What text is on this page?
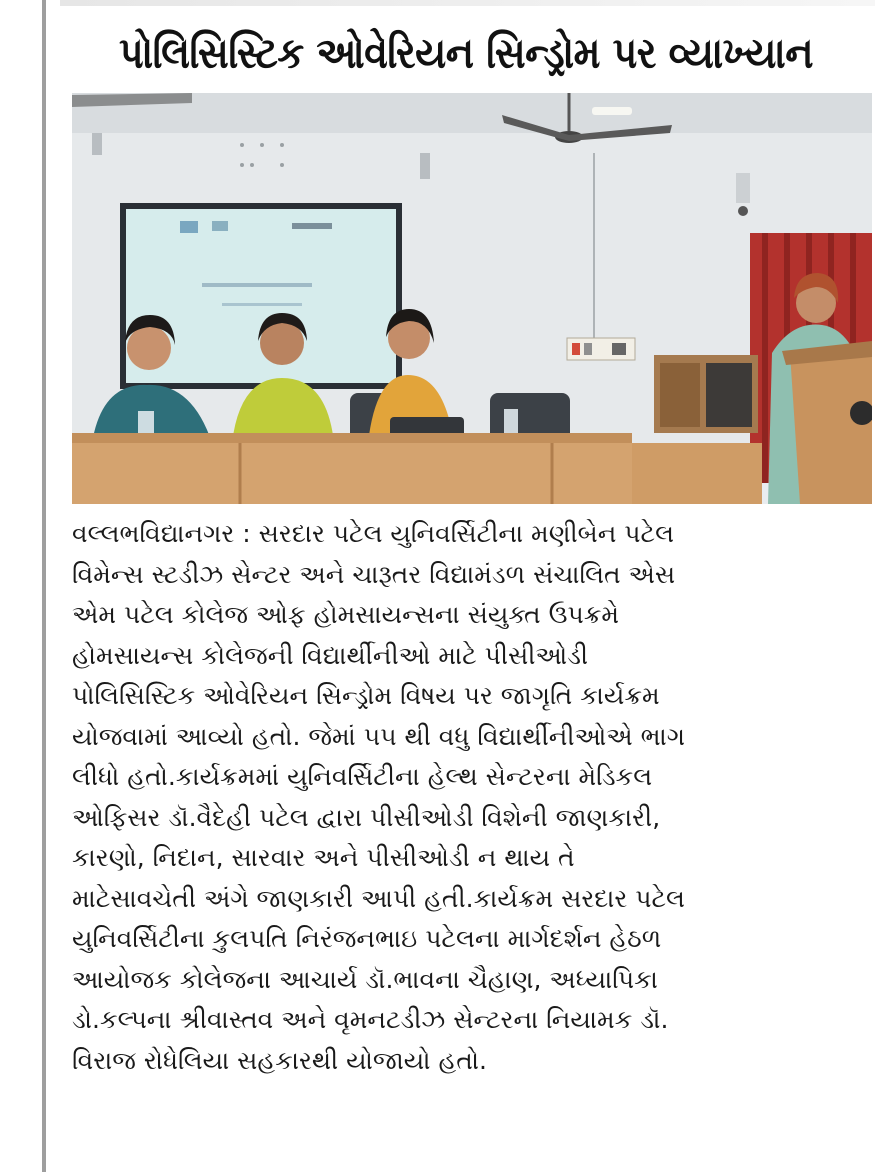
પોલિસિસ્ટિક ઓવેરિયન સિન્ડ્રોમ પર વ્યાખ્યાન
વલ્લભવિદ્યાનગર : સરદાર પટેલ યુનિવર્સિટીના મણીબેન પટેલ
વિમેન્સ સ્ટડીઝ સેન્ટર અને ચારૂતર વિદ્યામંડળ સંચાલિત એસ
એમ પટેલ કોલેજ ઓફ હોમસાયન્સના સંયુક્ત ઉપક્રમે
હોમસાયન્સ કોલેજની વિદ્યાર્થીનીઓ માટે પીસીઓડી
પોલિસિસ્ટિક ઓવેરિયન સિન્ડ્રોમ વિષય પર જાગૃતિ કાર્યક્રમ
યોજવામાં આવ્યો હતો. જેમાં ૫૫ થી વધુ વિદ્યાર્થીનીઓએ ભાગ
લીધો હતો.કાર્યક્રમમાં યુનિવર્સિટીના હેલ્થ સેન્ટરના મેડિકલ
ઓફિસર ડૉ.વૈદેહી પટેલ દ્વારા પીસીઓડી વિશેની જાણકારી,
કારણો, નિદાન, સારવાર અને પીસીઓડી ન થાય તે
માટેસાવચેતી અંગે જાણકારી આપી હતી.કાર્યક્રમ સરદાર પટેલ
યુનિવર્સિટીના કુલપતિ નિરંજનભાઇ પટેલના માર્ગદર્શન હેઠળ
આયોજક કોલેજના આચાર્ય ડૉ.ભાવના ચૈહાણ, અધ્યાપિકા
ડો.કલ્પના શ્રીવાસ્તવ અને વૃમનટડીઝ સેન્ટરના નિયામક ડૉ.
વિરાજ રોધેલિયા સહકારથી યોજાયો હતો.
